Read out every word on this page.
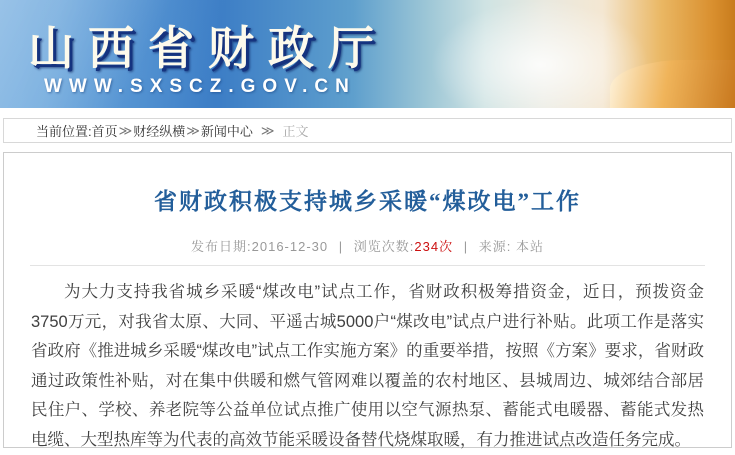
山西省财政厅
WWW.SXSCZ.GOV.CN
当前位置: 首页 ≫ 财经纵横 ≫ 新闻中心 ≫ 正文
省财政积极支持城乡采暖“煤改电”工作
发布日期:2016-12-30 | 浏览次数:234次 | 来源: 本站
为大力支持我省城乡采暖“煤改电”试点工作，省财政积极筹措资金，近日，预拨资金3750万元，对我省太原、大同、平遥古城5000户“煤改电”试点户进行补贴。此项工作是落实省政府《推进城乡采暖“煤改电”试点工作实施方案》的重要举措，按照《方案》要求，省财政通过政策性补贴，对在集中供暖和燃气管网难以覆盖的农村地区、县城周边、城郊结合部居民住户、学校、养老院等公益单位试点推广使用以空气源热泵、蓄能式电暖器、蓄能式发热电缆、大型热库等为代表的高效节能采暖设备替代烧煤取暖，有力推进试点改造任务完成。
